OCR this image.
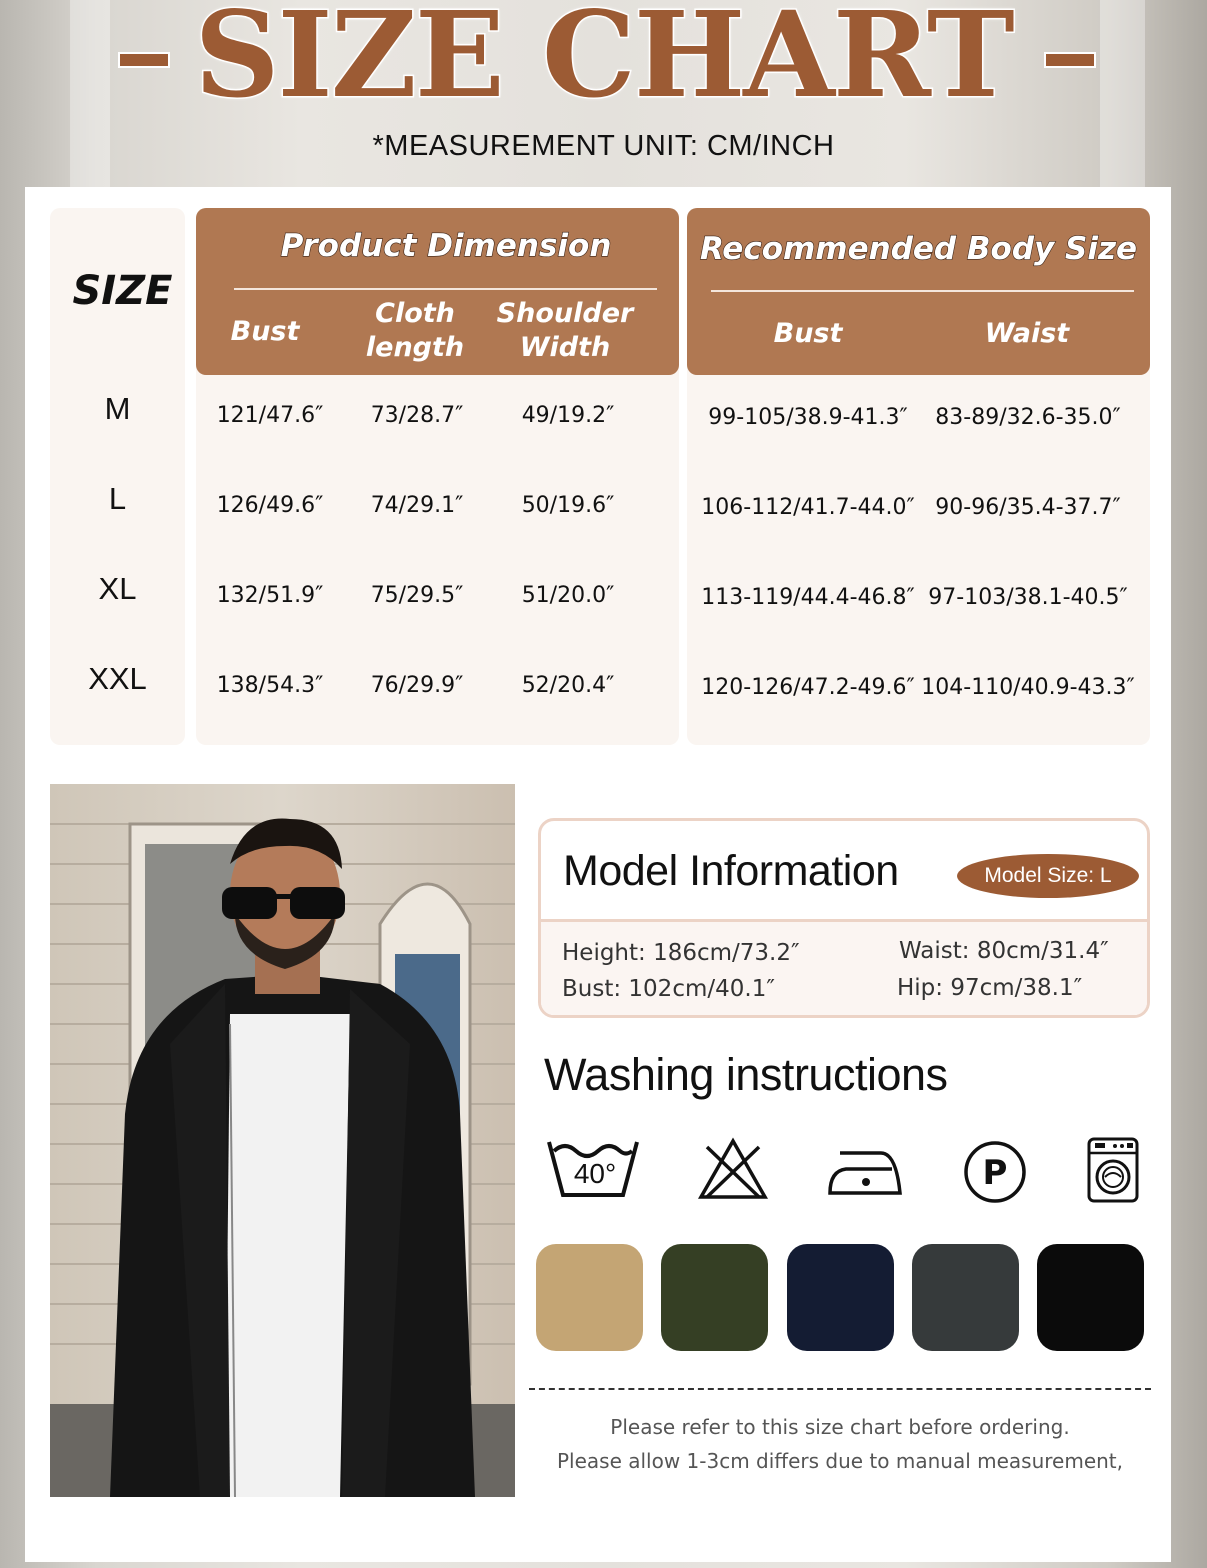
SIZE CHART
*MEASUREMENT UNIT: CM/INCH
Product Dimension	Recommended Body Size
Bust
Cloth
length
Shoulder
Width	Bust	Waist
SIZE
M	121/47.6″	73/28.7″	49/19.2″	99-105/38.9-41.3″	83-89/32.6-35.0″
L	126/49.6″	74/29.1″	50/19.6″	106-112/41.7-44.0″ 90-96/35.4-37.7″
XL	132/51.9″	75/29.5″	51/20.0″	113-119/44.4-46.8″ 97-103/38.1-40.5″
XXL	138/54.3″	76/29.9″	52/20.4″	120-126/47.2-49.6″ 104-110/40.9-43.3″
Model Information	Model Size: L
Height: 186cm/73.2″
Bust: 102cm/40.1″
Waist: 80cm/31.4″
Hip: 97cm/38.1″
Washing instructions
40°	P
Please refer to this size chart before ordering.
Please allow 1-3cm differs due to manual measurement,
